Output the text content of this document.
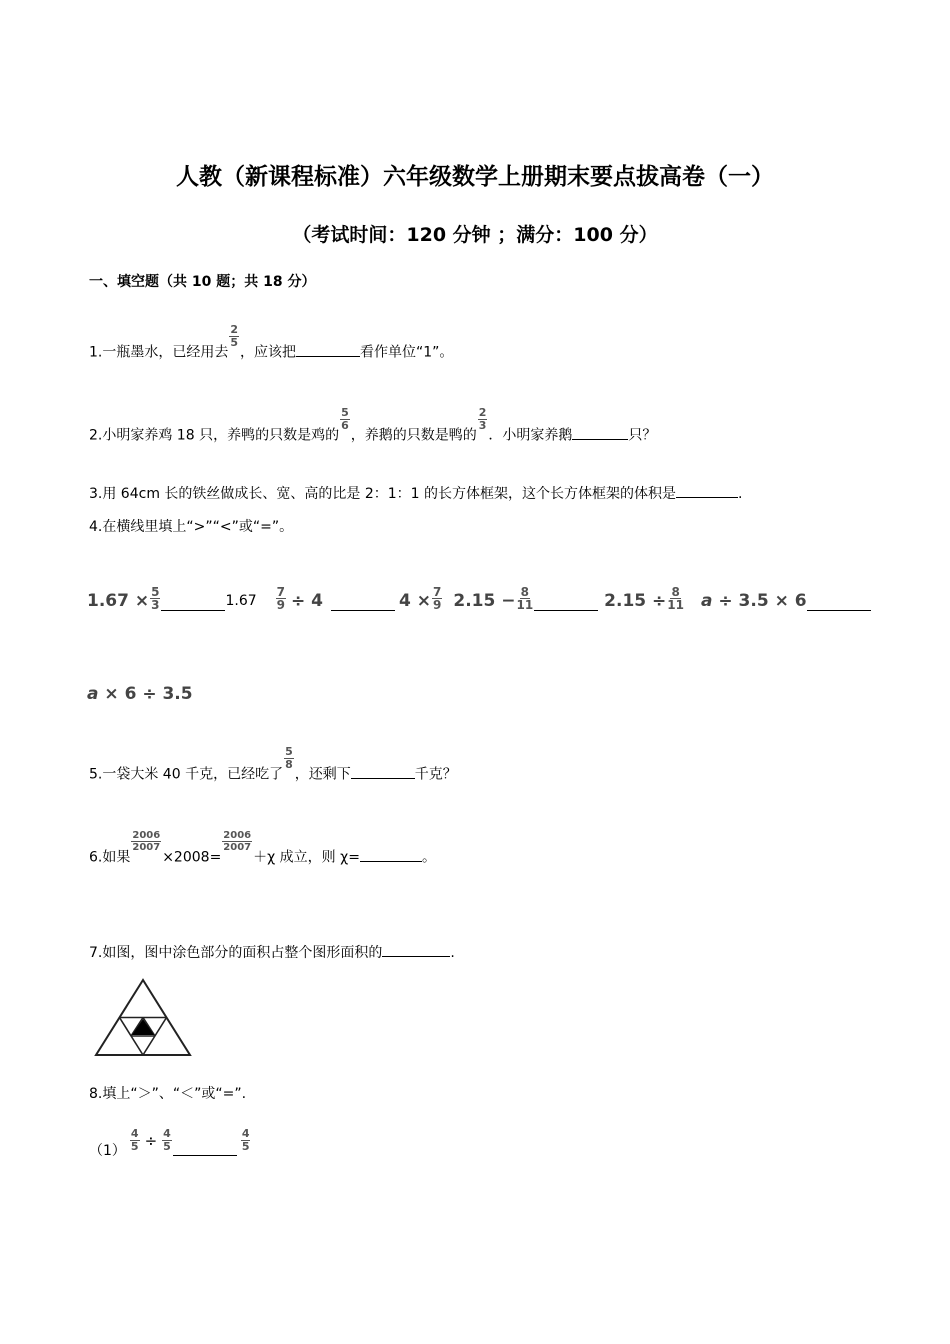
人教（新课程标准）六年级数学上册期末要点拔高卷（一）
（考试时间：120 分钟 ；满分：100 分）
一、填空题（共 10 题；共 18 分）
1.一瓶墨水，已经用去
$\frac{2}{5}$
，应该把	看作单位“1”。
2.小明家养鸡 18 只，养鸭的只数是鸡的
$\frac{5}{6}$
，养鹅的只数是鸭的
$\frac{2}{3}$
．小明家养鹅	只？
3.用 64cm 长的铁丝做成长、宽、高的比是 2：1：1 的长方体框架，这个长方体框架的体积是	.
4.在横线里填上“>”“<”或“=”。
$1.67 \times \frac{5}{3}$	$1.67 \frac{7}{9} \div 4$	$4 \times \frac{7}{9} 2.15 - \frac{8}{11}$	$2.15 \div \frac{8}{11}$ a ÷ 3.5 × 6
a × 6 ÷ 3.5
5.一袋大米 40 千克，已经吃了
$\frac{5}{8}$
，还剩下	千克？
6.如果
$\frac{2006}{2007}$
×2008=
$\frac{2006}{2007}$
＋χ 成立，则 χ=	。
7.如图，图中涂色部分的面积占整个图形面积的	.
8.填上“＞”、“＜”或“=”.
$(1) \frac{4}{5} \div \frac{4}{5}$	$\frac{4}{5}$
